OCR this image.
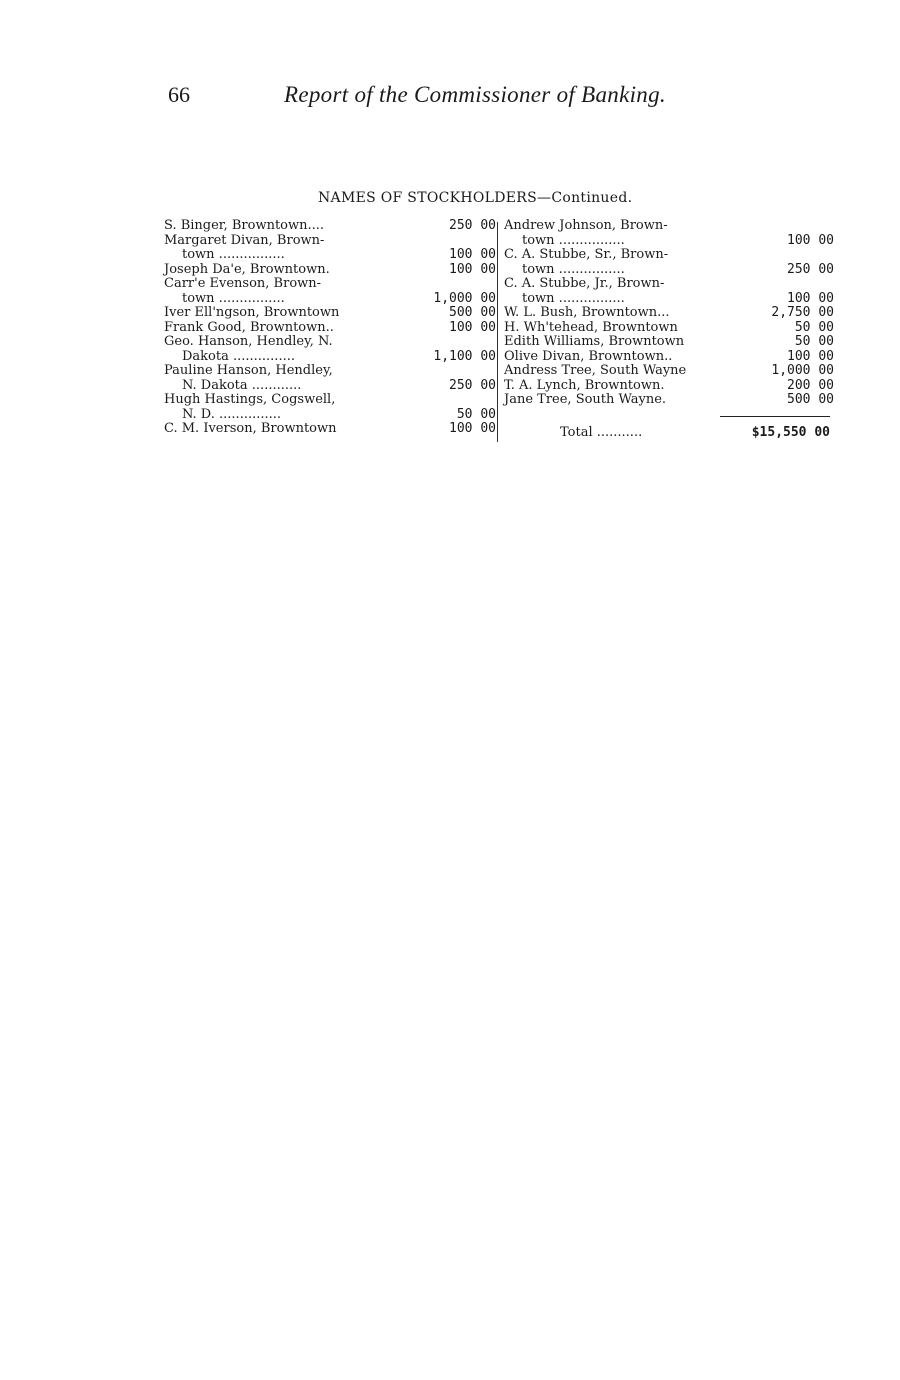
66	Report of the Commissioner of Banking.
NAMES OF STOCKHOLDERS—Continued.
S. Binger, Browntown....	250 00
Margaret Divan, Brown-
town ................	100 00
Joseph Da'e, Browntown.	100 00
Carr'e Evenson, Brown-
town ................	1,000 00
Iver Ell'ngson, Browntown	500 00
Frank Good, Browntown..	100 00
Geo. Hanson, Hendley, N.
Dakota ...............	1,100 00
Pauline Hanson, Hendley,
N. Dakota ............	250 00
Hugh Hastings, Cogswell,
N. D. ...............	50 00
C. M. Iverson, Browntown	100 00
Andrew Johnson, Brown-
town ................	100 00
C. A. Stubbe, Sr., Brown-
town ................	250 00
C. A. Stubbe, Jr., Brown-
town ................	100 00
W. L. Bush, Browntown...	2,750 00
H. Wh'tehead, Browntown	50 00
Edith Williams, Browntown	50 00
Olive Divan, Browntown..	100 00
Andress Tree, South Wayne	1,000 00
T. A. Lynch, Browntown.	200 00
Jane Tree, South Wayne.	500 00
Total ...........	$15,550 00
